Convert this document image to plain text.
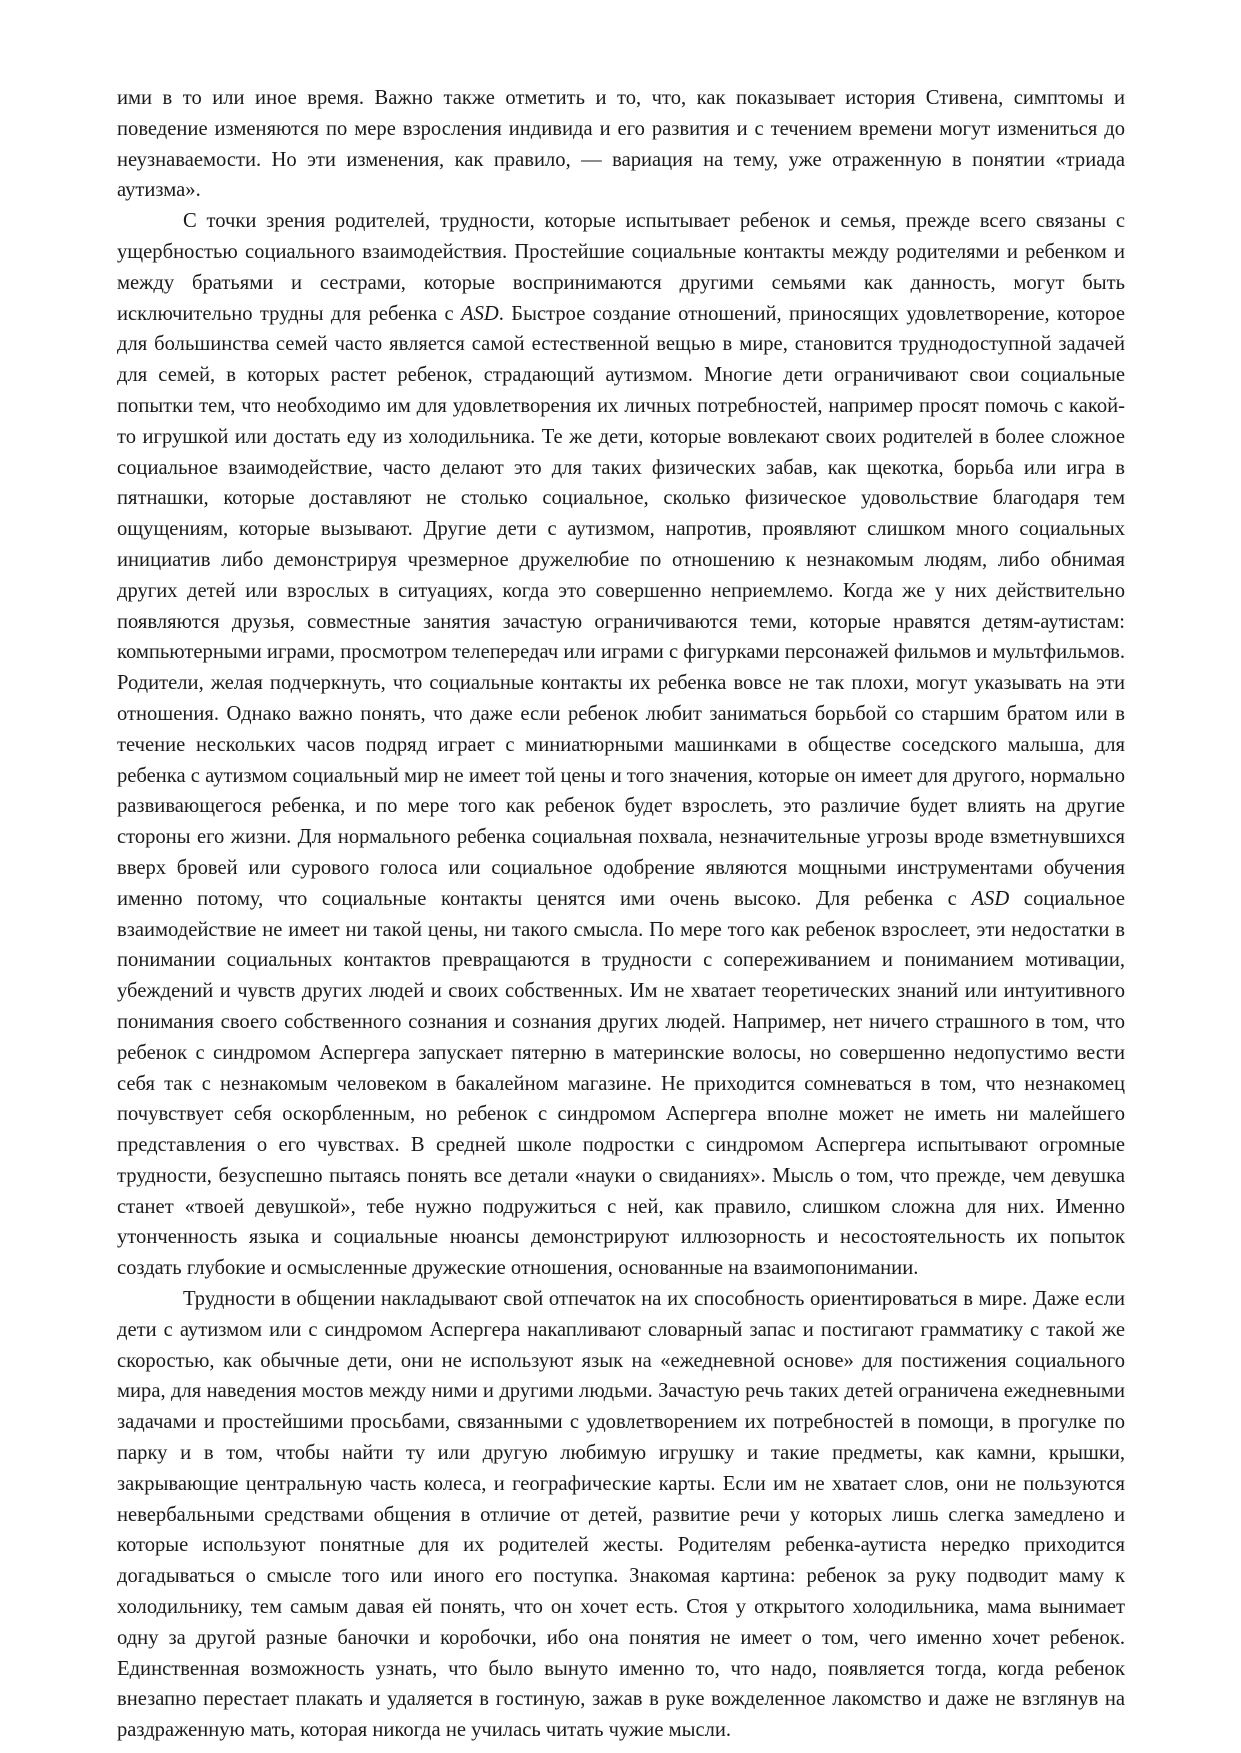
ими в то или иное время. Важно также отметить и то, что, как показывает история Стивена, симптомы и поведение изменяются по мере взросления индивида и его развития и с течением времени могут измениться до неузнаваемости. Но эти изменения, как правило, — вариация на тему, уже отраженную в понятии «триада аутизма».

С точки зрения родителей, трудности, которые испытывает ребенок и семья, прежде всего связаны с ущербностью социального взаимодействия. Простейшие социальные контакты между родителями и ребенком и между братьями и сестрами, которые воспринимаются другими семьями как данность, могут быть исключительно трудны для ребенка с ASD. Быстрое создание отношений, приносящих удовлетворение, которое для большинства семей часто является самой естественной вещью в мире, становится труднодоступной задачей для семей, в которых растет ребенок, страдающий аутизмом. Многие дети ограничивают свои социальные попытки тем, что необходимо им для удовлетворения их личных потребностей, например просят помочь с какой-то игрушкой или достать еду из холодильника. Те же дети, которые вовлекают своих родителей в более сложное социальное взаимодействие, часто делают это для таких физических забав, как щекотка, борьба или игра в пятнашки, которые доставляют не столько социальное, сколько физическое удовольствие благодаря тем ощущениям, которые вызывают. Другие дети с аутизмом, напротив, проявляют слишком много социальных инициатив либо демонстрируя чрезмерное дружелюбие по отношению к незнакомым людям, либо обнимая других детей или взрослых в ситуациях, когда это совершенно неприемлемо. Когда же у них действительно появляются друзья, совместные занятия зачастую ограничиваются теми, которые нравятся детям-аутистам: компьютерными играми, просмотром телепередач или играми с фигурками персонажей фильмов и мультфильмов. Родители, желая подчеркнуть, что социальные контакты их ребенка вовсе не так плохи, могут указывать на эти отношения. Однако важно понять, что даже если ребенок любит заниматься борьбой со старшим братом или в течение нескольких часов подряд играет с миниатюрными машинками в обществе соседского малыша, для ребенка с аутизмом социальный мир не имеет той цены и того значения, которые он имеет для другого, нормально развивающегося ребенка, и по мере того как ребенок будет взрослеть, это различие будет влиять на другие стороны его жизни. Для нормального ребенка социальная похвала, незначительные угрозы вроде взметнувшихся вверх бровей или сурового голоса или социальное одобрение являются мощными инструментами обучения именно потому, что социальные контакты ценятся ими очень высоко. Для ребенка с ASD социальное взаимодействие не имеет ни такой цены, ни такого смысла. По мере того как ребенок взрослеет, эти недостатки в понимании социальных контактов превращаются в трудности с сопереживанием и пониманием мотивации, убеждений и чувств других людей и своих собственных. Им не хватает теоретических знаний или интуитивного понимания своего собственного сознания и сознания других людей. Например, нет ничего страшного в том, что ребенок с синдромом Аспергера запускает пятерню в материнские волосы, но совершенно недопустимо вести себя так с незнакомым человеком в бакалейном магазине. Не приходится сомневаться в том, что незнакомец почувствует себя оскорбленным, но ребенок с синдромом Аспергера вполне может не иметь ни малейшего представления о его чувствах. В средней школе подростки с синдромом Аспергера испытывают огромные трудности, безуспешно пытаясь понять все детали «науки о свиданиях». Мысль о том, что прежде, чем девушка станет «твоей девушкой», тебе нужно подружиться с ней, как правило, слишком сложна для них. Именно утонченность языка и социальные нюансы демонстрируют иллюзорность и несостоятельность их попыток создать глубокие и осмысленные дружеские отношения, основанные на взаимопонимании.

Трудности в общении накладывают свой отпечаток на их способность ориентироваться в мире. Даже если дети с аутизмом или с синдромом Аспергера накапливают словарный запас и постигают грамматику с такой же скоростью, как обычные дети, они не используют язык на «ежедневной основе» для постижения социального мира, для наведения мостов между ними и другими людьми. Зачастую речь таких детей ограничена ежедневными задачами и простейшими просьбами, связанными с удовлетворением их потребностей в помощи, в прогулке по парку и в том, чтобы найти ту или другую любимую игрушку и такие предметы, как камни, крышки, закрывающие центральную часть колеса, и географические карты. Если им не хватает слов, они не пользуются невербальными средствами общения в отличие от детей, развитие речи у которых лишь слегка замедлено и которые используют понятные для их родителей жесты. Родителям ребенка-аутиста нередко приходится догадываться о смысле того или иного его поступка. Знакомая картина: ребенок за руку подводит маму к холодильнику, тем самым давая ей понять, что он хочет есть. Стоя у открытого холодильника, мама вынимает одну за другой разные баночки и коробочки, ибо она понятия не имеет о том, чего именно хочет ребенок. Единственная возможность узнать, что было вынуто именно то, что надо, появляется тогда, когда ребенок внезапно перестает плакать и удаляется в гостиную, зажав в руке вожделенное лакомство и даже не взглянув на раздраженную мать, которая никогда не училась читать чужие мысли.
